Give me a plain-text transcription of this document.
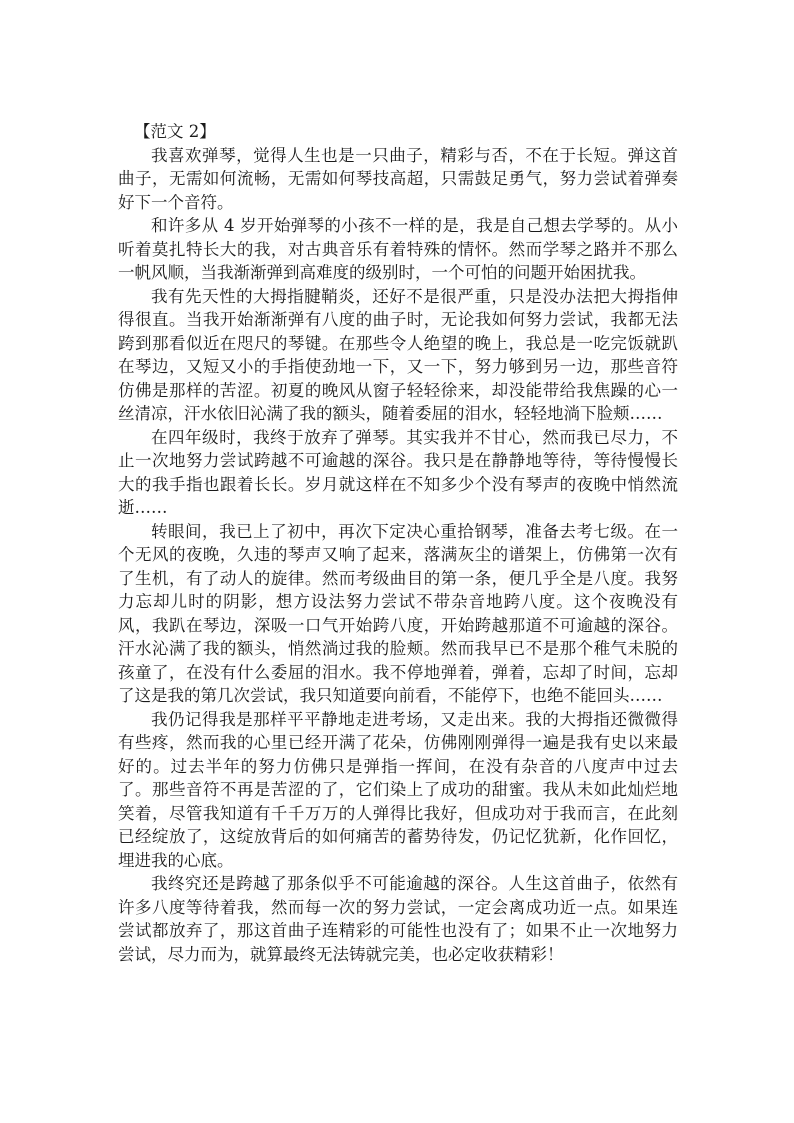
【范文 2】

我喜欢弹琴，觉得人生也是一只曲子，精彩与否，不在于长短。弹这首曲子，无需如何流畅，无需如何琴技高超，只需鼓足勇气，努力尝试着弹奏好下一个音符。

和许多从 4 岁开始弹琴的小孩不一样的是，我是自己想去学琴的。从小听着莫扎特长大的我，对古典音乐有着特殊的情怀。然而学琴之路并不那么一帆风顺，当我渐渐弹到高难度的级别时，一个可怕的问题开始困扰我。

我有先天性的大拇指腱鞘炎，还好不是很严重，只是没办法把大拇指伸得很直。当我开始渐渐弹有八度的曲子时，无论我如何努力尝试，我都无法跨到那看似近在咫尺的琴键。在那些令人绝望的晚上，我总是一吃完饭就趴在琴边，又短又小的手指使劲地一下，又一下，努力够到另一边，那些音符仿佛是那样的苦涩。初夏的晚风从窗子轻轻徐来，却没能带给我焦躁的心一丝清凉，汗水依旧沁满了我的额头，随着委屈的泪水，轻轻地淌下脸颊……

在四年级时，我终于放弃了弹琴。其实我并不甘心，然而我已尽力，不止一次地努力尝试跨越不可逾越的深谷。我只是在静静地等待，等待慢慢长大的我手指也跟着长长。岁月就这样在不知多少个没有琴声的夜晚中悄然流逝……

转眼间，我已上了初中，再次下定决心重拾钢琴，准备去考七级。在一个无风的夜晚，久违的琴声又响了起来，落满灰尘的谱架上，仿佛第一次有了生机，有了动人的旋律。然而考级曲目的第一条，便几乎全是八度。我努力忘却儿时的阴影，想方设法努力尝试不带杂音地跨八度。这个夜晚没有风，我趴在琴边，深吸一口气开始跨八度，开始跨越那道不可逾越的深谷。汗水沁满了我的额头，悄然淌过我的脸颊。然而我早已不是那个稚气未脱的孩童了，在没有什么委屈的泪水。我不停地弹着，弹着，忘却了时间，忘却了这是我的第几次尝试，我只知道要向前看，不能停下，也绝不能回头……

我仍记得我是那样平平静地走进考场，又走出来。我的大拇指还微微得有些疼，然而我的心里已经开满了花朵，仿佛刚刚弹得一遍是我有史以来最好的。过去半年的努力仿佛只是弹指一挥间，在没有杂音的八度声中过去了。那些音符不再是苦涩的了，它们染上了成功的甜蜜。我从未如此灿烂地笑着，尽管我知道有千千万万的人弹得比我好，但成功对于我而言，在此刻已经绽放了，这绽放背后的如何痛苦的蓄势待发，仍记忆犹新，化作回忆，埋进我的心底。

我终究还是跨越了那条似乎不可能逾越的深谷。人生这首曲子，依然有许多八度等待着我，然而每一次的努力尝试，一定会离成功近一点。如果连尝试都放弃了，那这首曲子连精彩的可能性也没有了；如果不止一次地努力尝试，尽力而为，就算最终无法铸就完美，也必定收获精彩！
